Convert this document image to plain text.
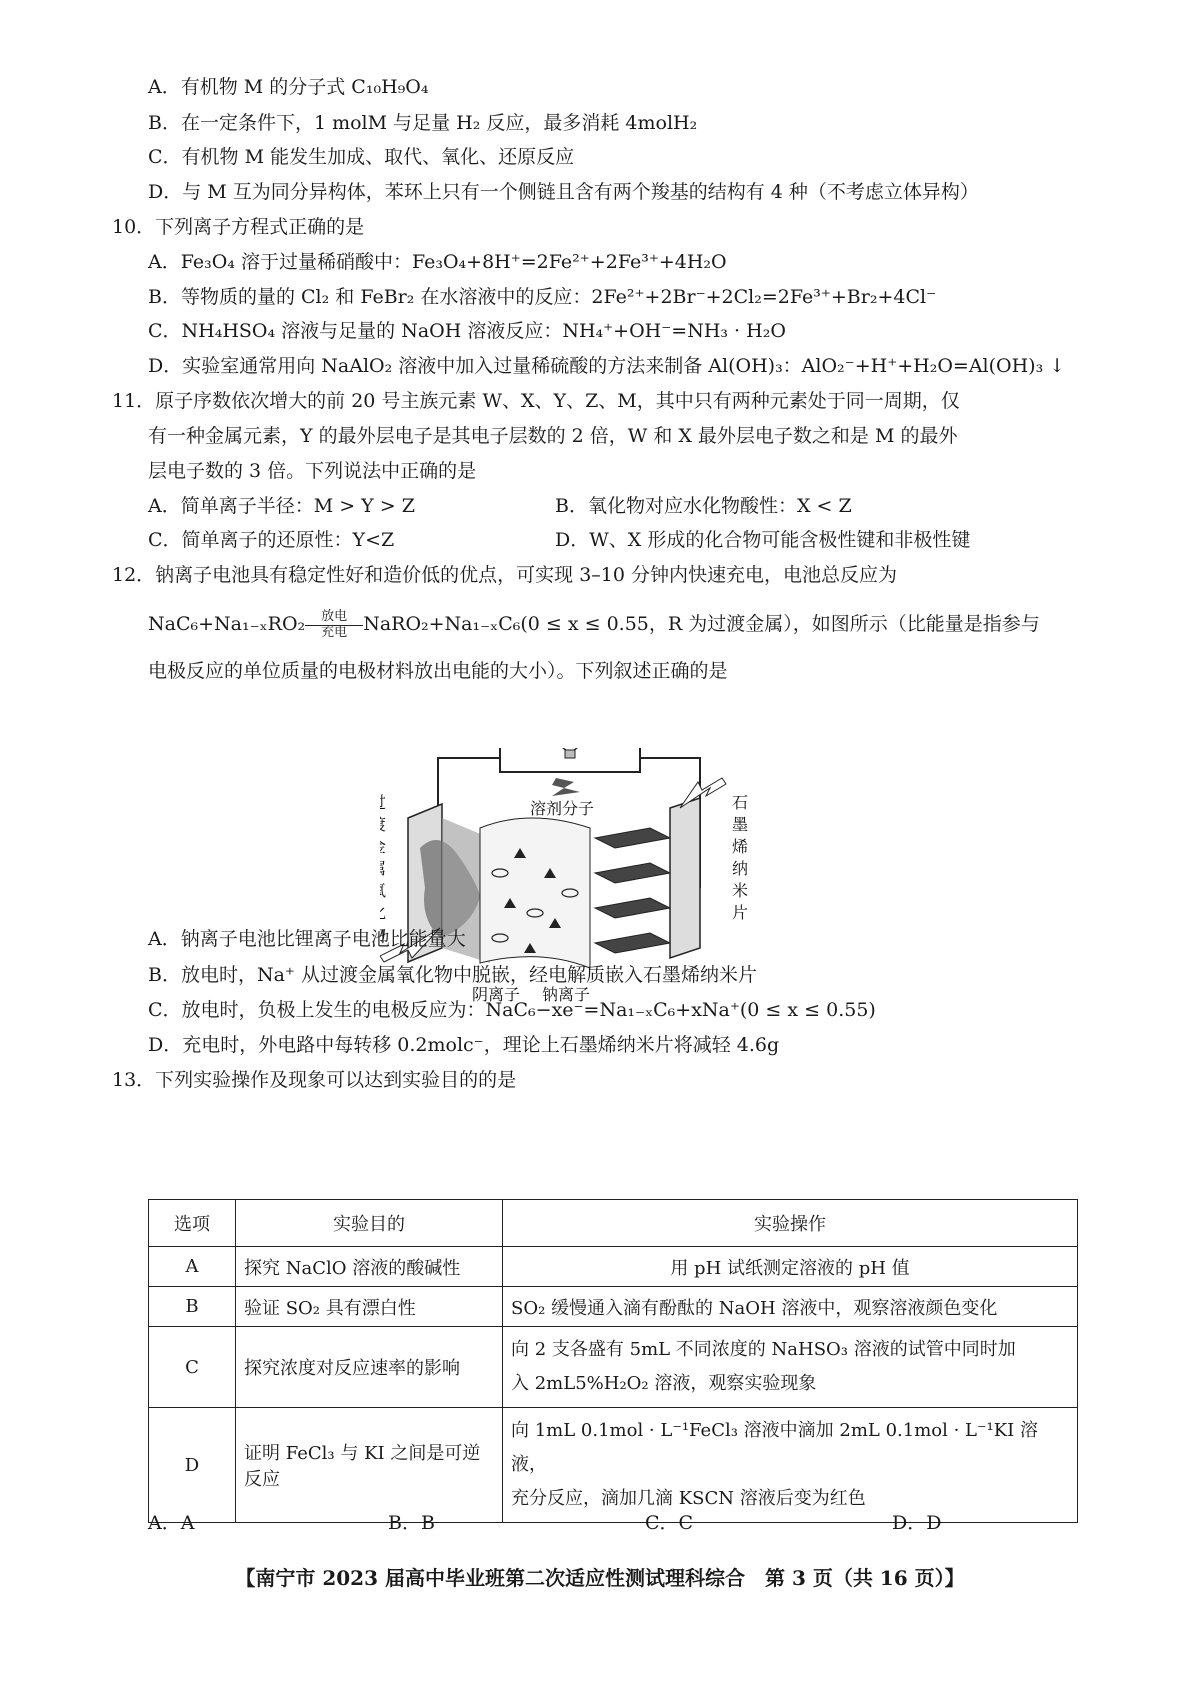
A．有机物 M 的分子式 C₁₀H₉O₄
B．在一定条件下，1 molM 与足量 H₂ 反应，最多消耗 4molH₂
C．有机物 M 能发生加成、取代、氧化、还原反应
D．与 M 互为同分异构体，苯环上只有一个侧链且含有两个羧基的结构有 4 种（不考虑立体异构）
10．下列离子方程式正确的是
A．Fe₃O₄ 溶于过量稀硝酸中：Fe₃O₄+8H⁺=2Fe²⁺+2Fe³⁺+4H₂O
B．等物质的量的 Cl₂ 和 FeBr₂ 在水溶液中的反应：2Fe²⁺+2Br⁻+2Cl₂=2Fe³⁺+Br₂+4Cl⁻
C．NH₄HSO₄ 溶液与足量的 NaOH 溶液反应：NH₄⁺+OH⁻=NH₃ · H₂O
D．实验室通常用向 NaAlO₂ 溶液中加入过量稀硫酸的方法来制备 Al(OH)₃：AlO₂⁻+H⁺+H₂O=Al(OH)₃ ↓
11．原子序数依次增大的前 20 号主族元素 W、X、Y、Z、M，其中只有两种元素处于同一周期，仅
有一种金属元素，Y 的最外层电子是其电子层数的 2 倍，W 和 X 最外层电子数之和是 M 的最外
层电子数的 3 倍。下列说法中正确的是
A．简单离子半径：M > Y > Z	B．氧化物对应水化物酸性：X < Z
C．简单离子的还原性：Y<Z	D．W、X 形成的化合物可能含极性键和非极性键
12．钠离子电池具有稳定性好和造价低的优点，可实现 3–10 分钟内快速充电，电池总反应为
$NaC_6+Na_{1-x}RO_2 \frac{\text{放电}}{\text{充电}}$ NaRO₂+Na₁₋ₓC₆(0 ≤ x ≤ 0.55，R 为过渡金属），如图所示（比能量是指参与
电极反应的单位质量的电极材料放出电能的大小）。下列叙述正确的是
溶剂分子	石
墨
烯
纳
米
片
阴离子 钠离子
A．钠离子电池比锂离子电池比能量大
B．放电时，Na⁺ 从过渡金属氧化物中脱嵌，经电解质嵌入石墨烯纳米片
C．放电时，负极上发生的电极反应为：NaC₆−xe⁻=Na₁₋ₓC₆+xNa⁺(0 ≤ x ≤ 0.55)
D．充电时，外电路中每转移 0.2molc⁻，理论上石墨烯纳米片将减轻 4.6g
13．下列实验操作及现象可以达到实验目的的是
选项	实验目的	实验操作
A	探究 NaClO 溶液的酸碱性	用 pH 试纸测定溶液的 pH 值
B	验证 SO₂ 具有漂白性	SO₂ 缓慢通入滴有酚酞的 NaOH 溶液中，观察溶液颜色变化
C	探究浓度对反应速率的影响	向 2 支各盛有 5mL 不同浓度的 NaHSO₃ 溶液的试管中同时加
入 2mL5%H₂O₂ 溶液，观察实验现象
D	证明 FeCl₃ 与 KI 之间是可逆反应	向 1mL 0.1mol · L⁻¹FeCl₃ 溶液中滴加 2mL 0.1mol · L⁻¹KI 溶液，
充分反应，滴加几滴 KSCN 溶液后变为红色
A．A	B．B	C．C	D．D
【南宁市 2023 届高中毕业班第二次适应性测试理科综合　第 3 页（共 16 页）】
